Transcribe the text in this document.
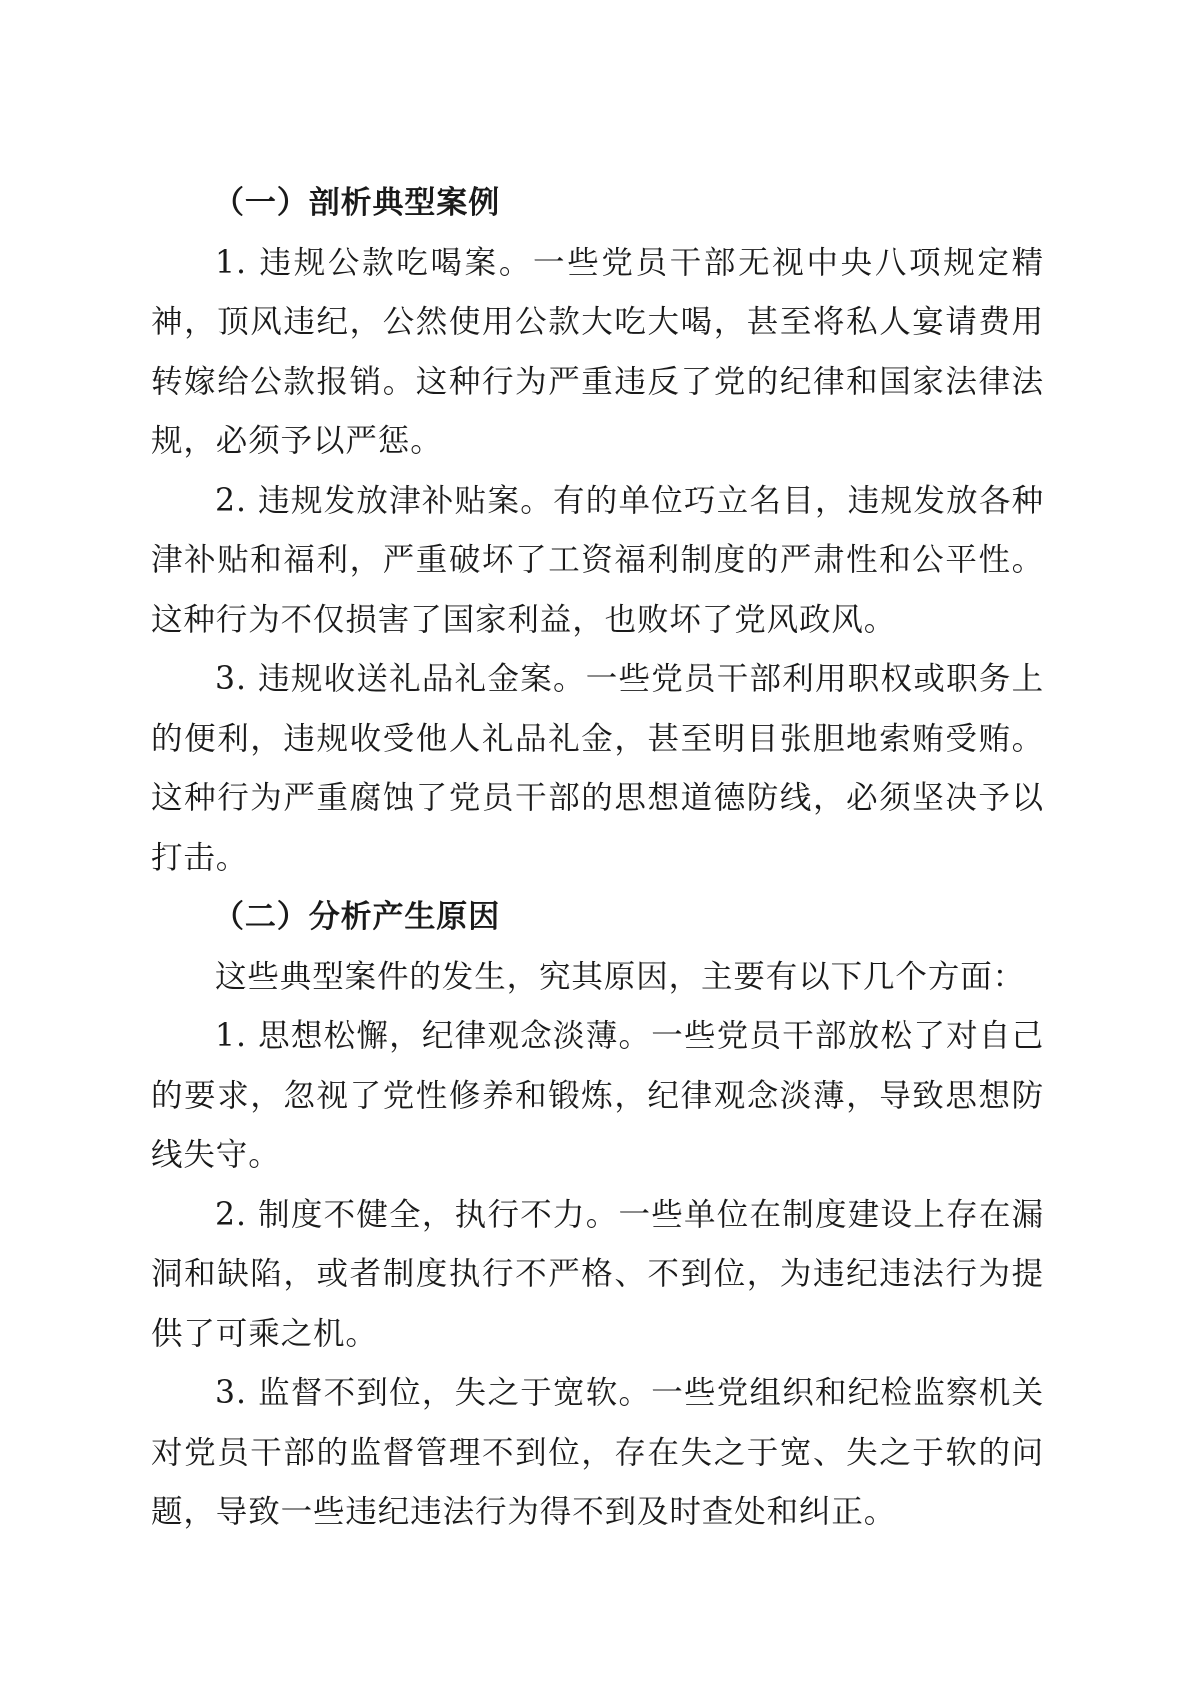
（一）剖析典型案例

1. 违规公款吃喝案。一些党员干部无视中央八项规定精神，顶风违纪，公然使用公款大吃大喝，甚至将私人宴请费用转嫁给公款报销。这种行为严重违反了党的纪律和国家法律法规，必须予以严惩。

2. 违规发放津补贴案。有的单位巧立名目，违规发放各种津补贴和福利，严重破坏了工资福利制度的严肃性和公平性。这种行为不仅损害了国家利益，也败坏了党风政风。

3. 违规收送礼品礼金案。一些党员干部利用职权或职务上的便利，违规收受他人礼品礼金，甚至明目张胆地索贿受贿。这种行为严重腐蚀了党员干部的思想道德防线，必须坚决予以打击。

（二）分析产生原因

这些典型案件的发生，究其原因，主要有以下几个方面：

1. 思想松懈，纪律观念淡薄。一些党员干部放松了对自己的要求，忽视了党性修养和锻炼，纪律观念淡薄，导致思想防线失守。

2. 制度不健全，执行不力。一些单位在制度建设上存在漏洞和缺陷，或者制度执行不严格、不到位，为违纪违法行为提供了可乘之机。

3. 监督不到位，失之于宽软。一些党组织和纪检监察机关对党员干部的监督管理不到位，存在失之于宽、失之于软的问题，导致一些违纪违法行为得不到及时查处和纠正。
